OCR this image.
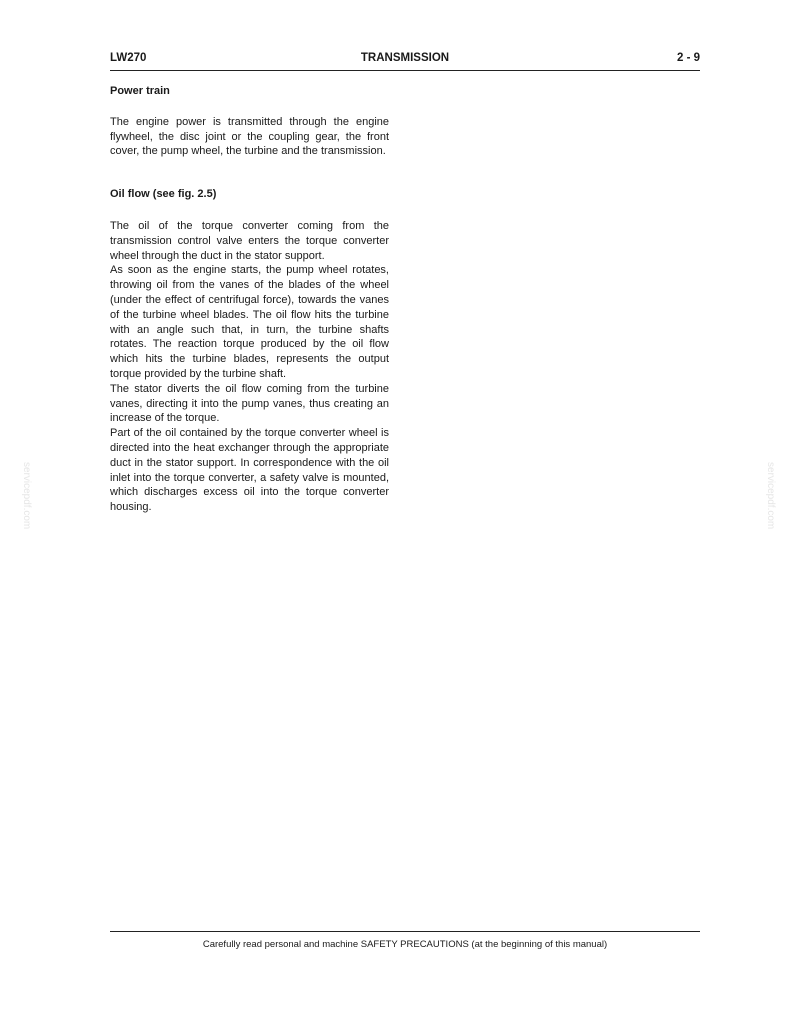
LW270	TRANSMISSION	2 - 9
Power train

The engine power is transmitted through the engine flywheel, the disc joint or the coupling gear, the front cover, the pump wheel, the turbine and the transmission.

Oil flow (see fig. 2.5)

The oil of the torque converter coming from the transmission control valve enters the torque converter wheel through the duct in the stator support.

As soon as the engine starts, the pump wheel rotates, throwing oil from the vanes of the blades of the wheel (under the effect of centrifugal force), towards the vanes of the turbine wheel blades. The oil flow hits the turbine with an angle such that, in turn, the turbine shafts rotates. The reaction torque produced by the oil flow which hits the turbine blades, represents the output torque provided by the turbine shaft.

The stator diverts the oil flow coming from the turbine vanes, directing it into the pump vanes, thus creating an increase of the torque.

Part of the oil contained by the torque converter wheel is directed into the heat exchanger through the appropriate duct in the stator support. In correspondence with the oil inlet into the torque converter, a safety valve is mounted, which discharges excess oil into the torque converter housing.

servicepdf.com	servicepdf.com
Carefully read personal and machine SAFETY PRECAUTIONS (at the beginning of this manual)
